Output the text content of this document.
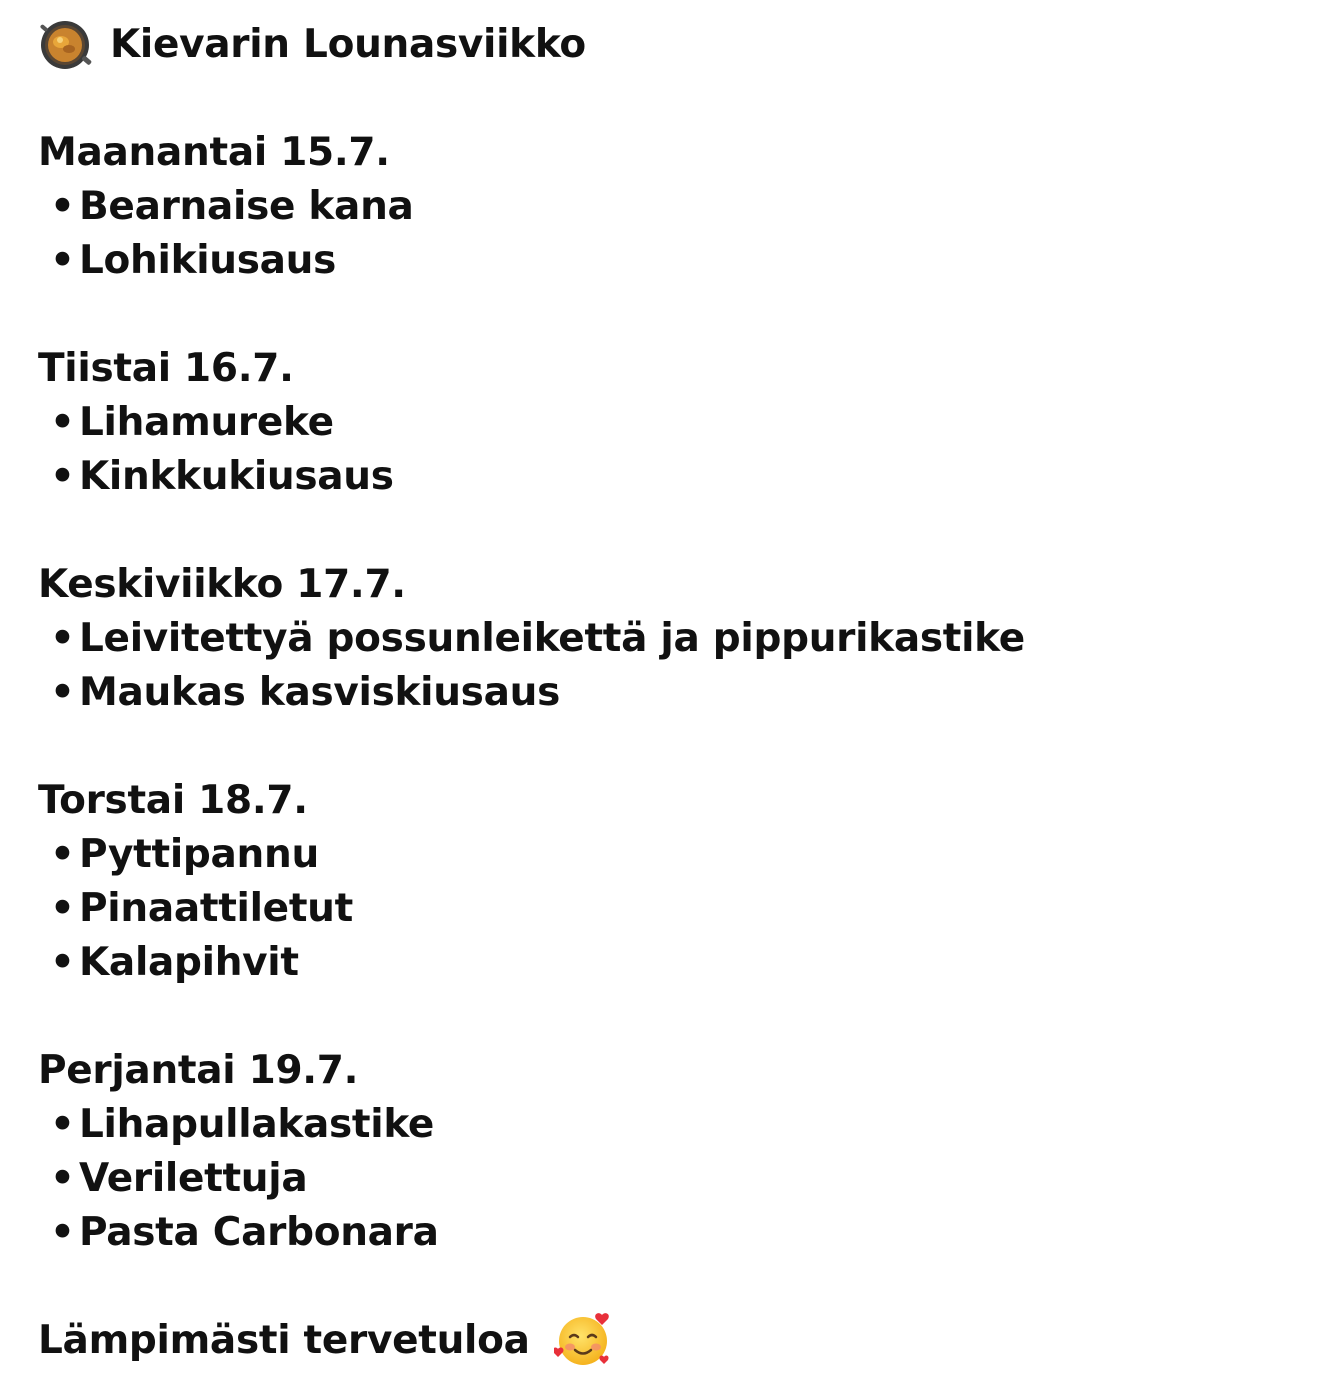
Kievarin Lounasviikko
Maanantai 15.7.
• Bearnaise kana
• Lohikiusaus
Tiistai 16.7.
• Lihamureke
• Kinkkukiusaus
Keskiviikko 17.7.
• Leivitettyä possunleikettä ja pippurikastike
• Maukas kasviskiusaus
Torstai 18.7.
• Pyttipannu
• Pinaattiletut
• Kalapihvit
Perjantai 19.7.
• Lihapullakastike
• Verilettuja
• Pasta Carbonara
Lämpimästi tervetuloa
